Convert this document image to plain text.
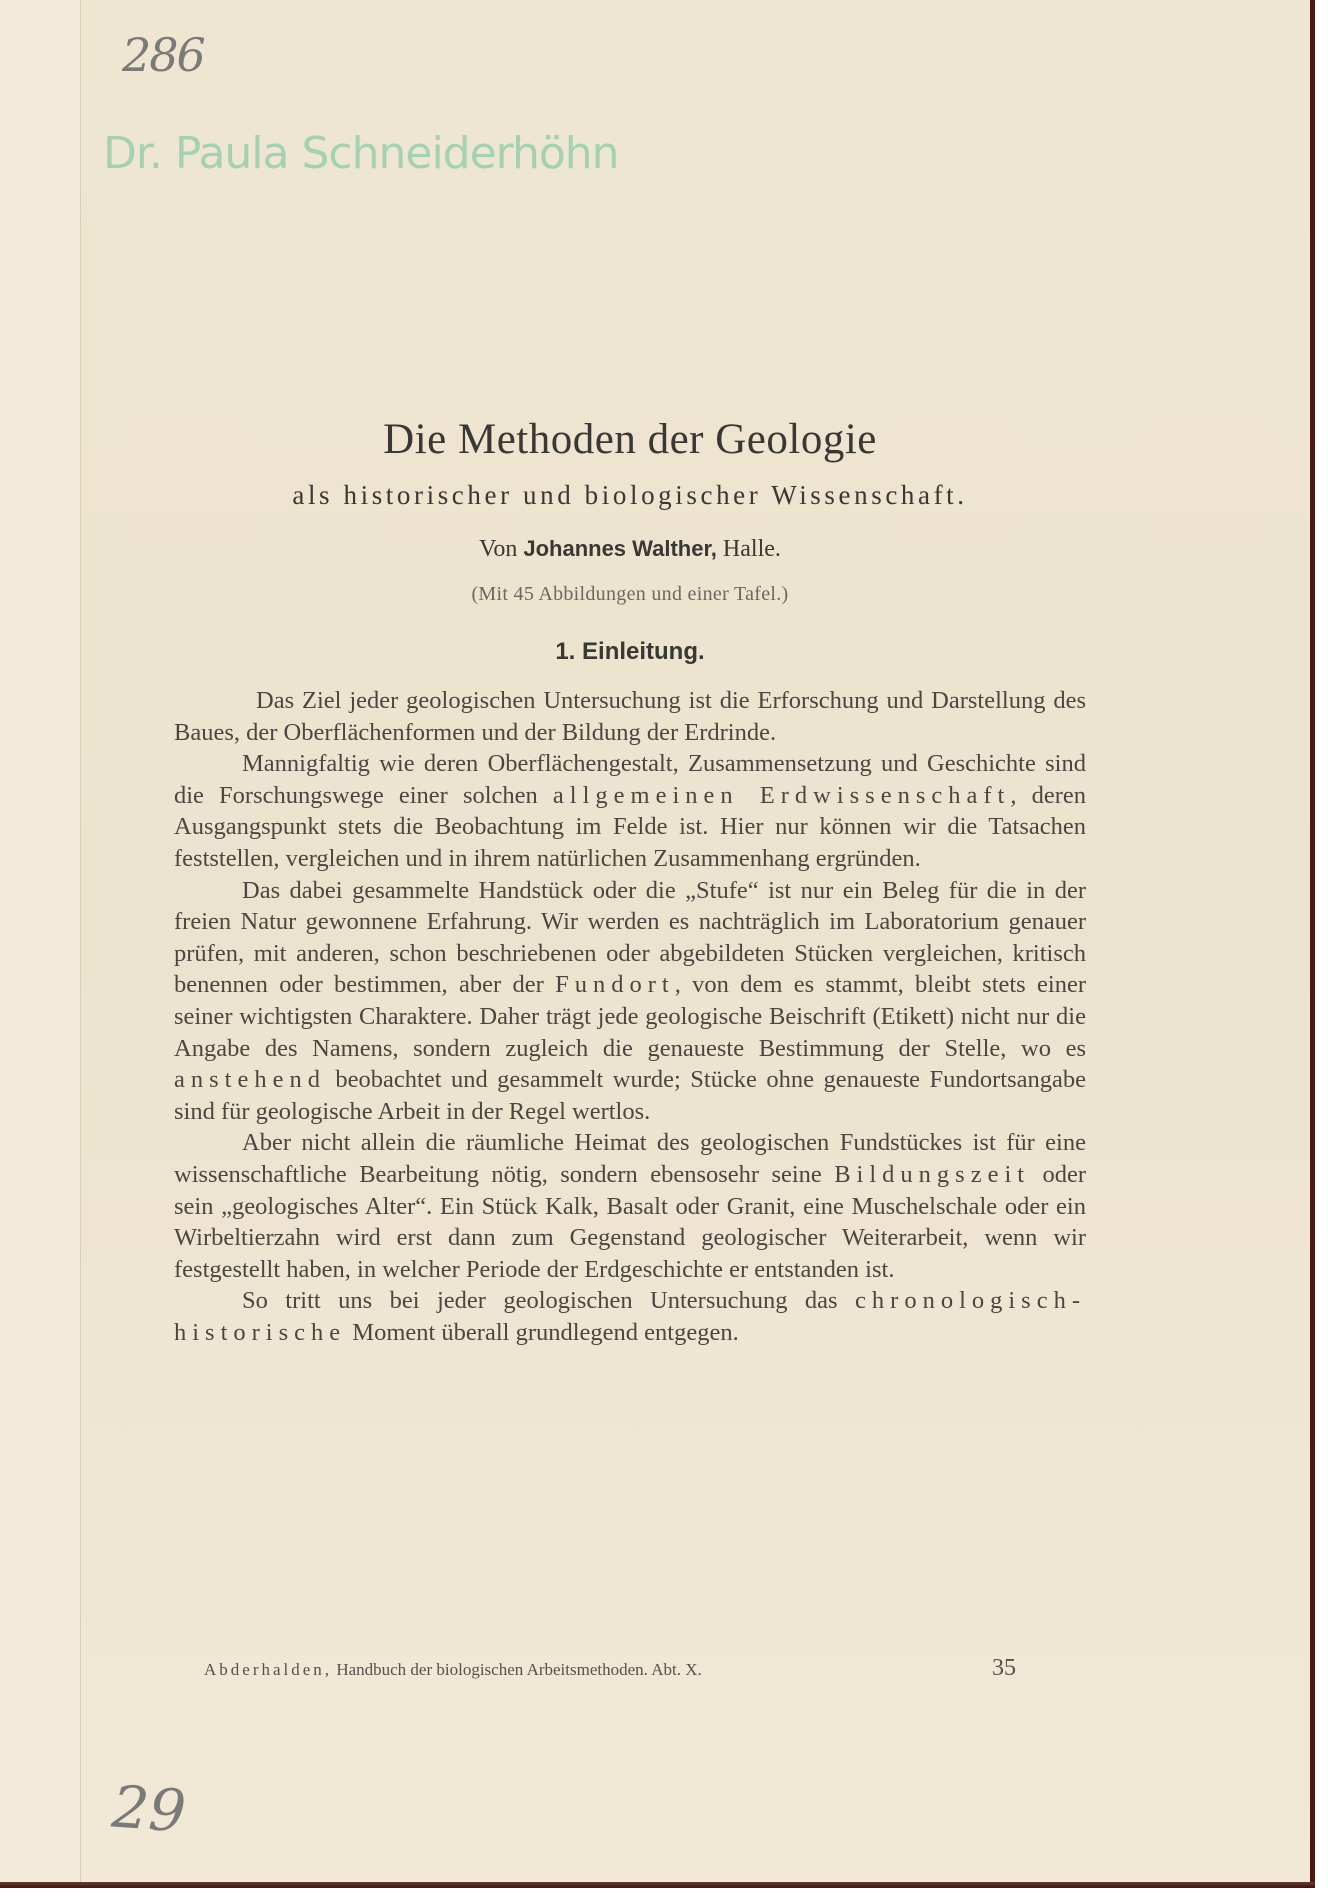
286
Dr. Paula Schneiderhöhn
Die Methoden der Geologie
als historischer und biologischer Wissenschaft.
Von Johannes Walther, Halle.
(Mit 45 Abbildungen und einer Tafel.)
1. Einleitung.

Das Ziel jeder geologischen Untersuchung ist die Erforschung und Darstellung des Baues, der Oberflächenformen und der Bildung der Erdrinde.

Mannigfaltig wie deren Oberflächengestalt, Zusammensetzung und Geschichte sind die Forschungswege einer solchen allgemeinen Erdwissenschaft, deren Ausgangspunkt stets die Beobachtung im Felde ist. Hier nur können wir die Tatsachen feststellen, vergleichen und in ihrem natürlichen Zusammenhang ergründen.

Das dabei gesammelte Handstück oder die „Stufe“ ist nur ein Beleg für die in der freien Natur gewonnene Erfahrung. Wir werden es nachträglich im Laboratorium genauer prüfen, mit anderen, schon beschriebenen oder abgebildeten Stücken vergleichen, kritisch benennen oder bestimmen, aber der Fundort, von dem es stammt, bleibt stets einer seiner wichtigsten Charaktere. Daher trägt jede geologische Beischrift (Etikett) nicht nur die Angabe des Namens, sondern zugleich die genaueste Bestimmung der Stelle, wo es anstehend beobachtet und gesammelt wurde; Stücke ohne genaueste Fundortsangabe sind für geologische Arbeit in der Regel wertlos.

Aber nicht allein die räumliche Heimat des geologischen Fundstückes ist für eine wissenschaftliche Bearbeitung nötig, sondern ebensosehr seine Bildungszeit oder sein „geologisches Alter“. Ein Stück Kalk, Basalt oder Granit, eine Muschelschale oder ein Wirbeltierzahn wird erst dann zum Gegenstand geologischer Weiterarbeit, wenn wir festgestellt haben, in welcher Periode der Erdgeschichte er entstanden ist.

So tritt uns bei jeder geologischen Untersuchung das chronologisch-historische Moment überall grundlegend entgegen.

Abderhalden, Handbuch der biologischen Arbeitsmethoden. Abt. X.	35
29
